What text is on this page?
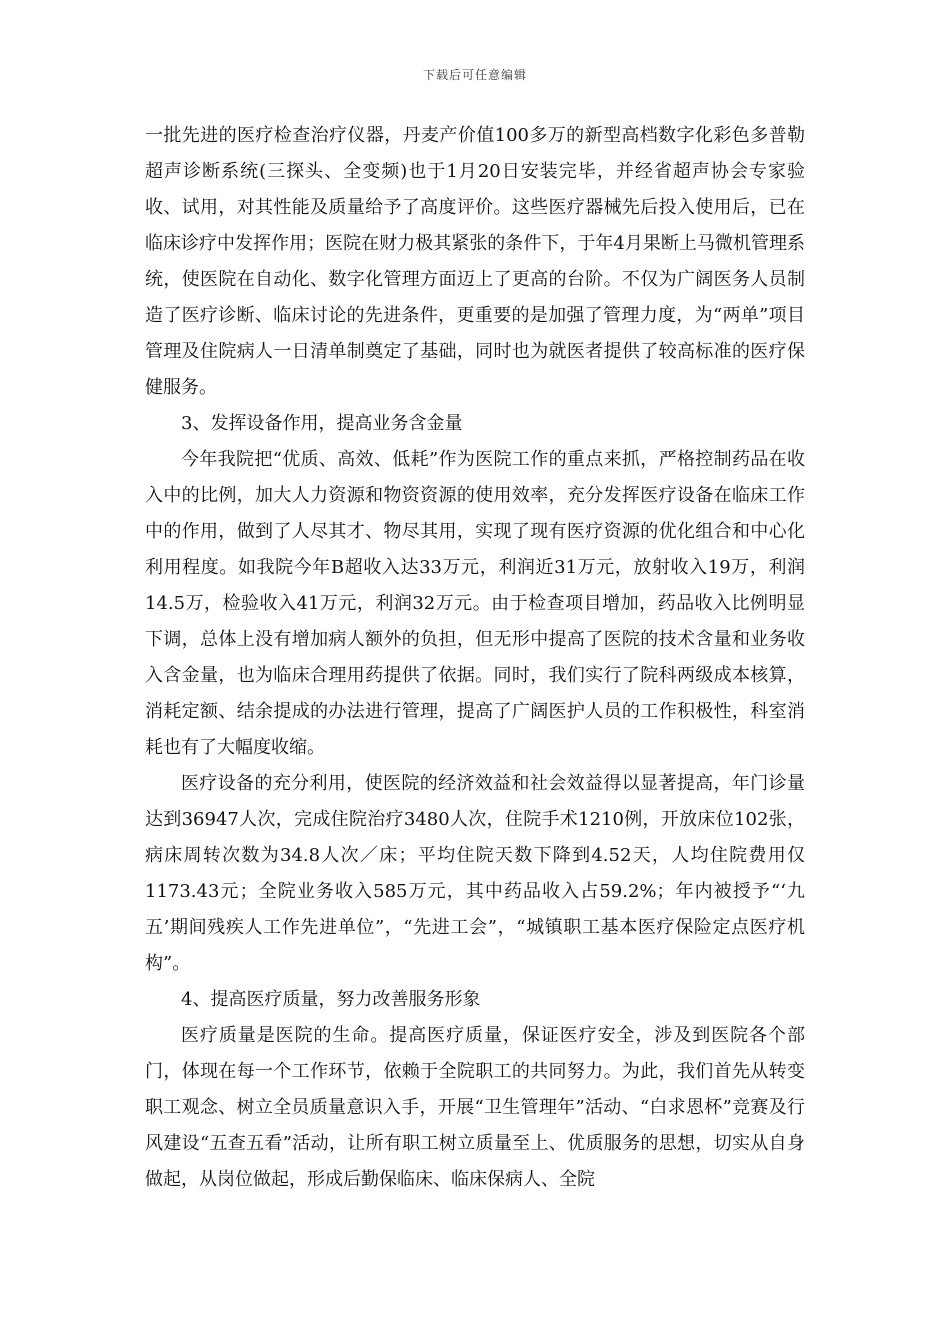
下载后可任意编辑

一批先进的医疗检查治疗仪器，丹麦产价值100多万的新型高档数字化彩色多普勒超声诊断系统(三探头、全变频)也于1月20日安装完毕，并经省超声协会专家验收、试用，对其性能及质量给予了高度评价。这些医疗器械先后投入使用后，已在临床诊疗中发挥作用；医院在财力极其紧张的条件下，于年4月果断上马微机管理系统，使医院在自动化、数字化管理方面迈上了更高的台阶。不仅为广阔医务人员制造了医疗诊断、临床讨论的先进条件，更重要的是加强了管理力度，为“两单”项目管理及住院病人一日清单制奠定了基础，同时也为就医者提供了较高标准的医疗保健服务。

3、发挥设备作用，提高业务含金量

今年我院把“优质、高效、低耗”作为医院工作的重点来抓，严格控制药品在收入中的比例，加大人力资源和物资资源的使用效率，充分发挥医疗设备在临床工作中的作用，做到了人尽其才、物尽其用，实现了现有医疗资源的优化组合和中心化利用程度。如我院今年B超收入达33万元，利润近31万元，放射收入19万，利润14.5万，检验收入41万元，利润32万元。由于检查项目增加，药品收入比例明显下调，总体上没有增加病人额外的负担，但无形中提高了医院的技术含量和业务收入含金量，也为临床合理用药提供了依据。同时，我们实行了院科两级成本核算，消耗定额、结余提成的办法进行管理，提高了广阔医护人员的工作积极性，科室消耗也有了大幅度收缩。

医疗设备的充分利用，使医院的经济效益和社会效益得以显著提高，年门诊量达到36947人次，完成住院治疗3480人次，住院手术1210例，开放床位102张，病床周转次数为34.8人次／床；平均住院天数下降到4.52天，人均住院费用仅1173.43元；全院业务收入585万元，其中药品收入占59.2%；年内被授予“‘九五’期间残疾人工作先进单位”，“先进工会”，“城镇职工基本医疗保险定点医疗机构”。

4、提高医疗质量，努力改善服务形象

医疗质量是医院的生命。提高医疗质量，保证医疗安全，涉及到医院各个部门，体现在每一个工作环节，依赖于全院职工的共同努力。为此，我们首先从转变职工观念、树立全员质量意识入手，开展“卫生管理年”活动、“白求恩杯”竞赛及行风建设“五查五看”活动，让所有职工树立质量至上、优质服务的思想，切实从自身做起，从岗位做起，形成后勤保临床、临床保病人、全院
